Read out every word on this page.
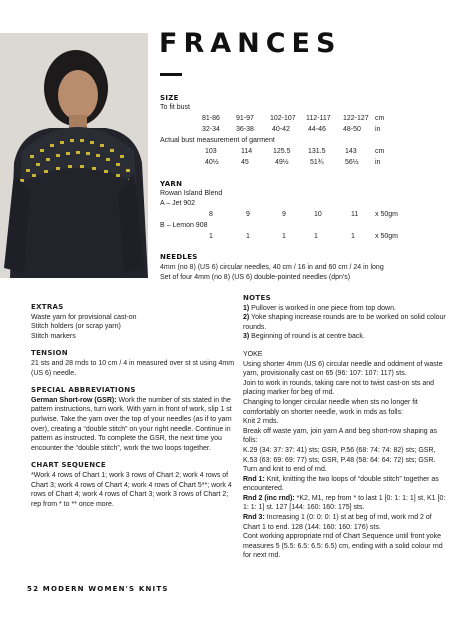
FRANCES

SIZE

To fit bust

81-86 91-97 102-107 112-117 122-127 cm
32-34 36-38	40-42	44-46 48-50 in

Actual bust measurement of garment

103	114	125.5 131.5	143	cm
40½	45	49½	51¾	56½ in

YARN

Rowan Island Blend

A – Jet 902

8	9	9	10	11 x 50gm

B – Lemon 908

1	1	1	1	1	x 50gm

NEEDLES

4mm (no 8) (US 6) circular needles, 40 cm / 16 in and 60 cm / 24 in long

Set of four 4mm (no 8) (US 6) double-pointed needles (dpn's)

EXTRAS

Waste yarn for provisional cast-on

Stitch holders (or scrap yarn)

Stitch markers

TENSION

21 sts and 28 rnds to 10 cm / 4 in measured over st st using 4mm (US 6) needle.

SPECIAL ABBREVIATIONS

German Short-row (GSR): Work the number of sts stated in the pattern instructions, turn work. With yarn in front of work, slip 1 st purlwise. Take the yarn over the top of your needles (as if to yarn over), creating a “double stitch” on your right needle. Continue in pattern as instructed. To complete the GSR, the next time you encounter the “double stitch”, work the two loops together.

CHART SEQUENCE

*Work 4 rows of Chart 1; work 3 rows of Chart 2; work 4 rows of Chart 3; work 4 rows of Chart 4; work 4 rows of Chart 5**; work 4 rows of Chart 4; work 4 rows of Chart 3; work 3 rows of Chart 2; rep from * to ** once more.

NOTES

1) Pullover is worked in one piece from top down.

2) Yoke shaping increase rounds are to be worked on solid colour rounds.

3) Beginning of round is at centre back.

YOKE

Using shorter 4mm (US 6) circular needle and oddment of waste yarn, provisionally cast on 65 (96: 107: 107: 117) sts.

Join to work in rounds, taking care not to twist cast-on sts and placing marker for beg of rnd.

Changing to longer circular needle when sts no longer fit comfortably on shorter needle, work in rnds as folls:

Knit 2 rnds.

Break off waste yarn, join yarn A and beg short-row shaping as folls:

K.29 (34: 37: 37: 41) sts; GSR, P.56 (68: 74: 74: 82) sts; GSR, K.53 (63: 69: 69: 77) sts; GSR, P.48 (58: 64: 64: 72) sts; GSR. Turn and knit to end of rnd.

Rnd 1: Knit, knitting the two loops of “double stitch” together as encountered.

Rnd 2 (inc rnd): *K2, M1, rep from * to last 1 [0: 1: 1: 1] st, K1 [0: 1: 1: 1] st. 127 [144: 160: 160: 175] sts.

Rnd 3: Increasing 1 (0: 0: 0: 1) st at beg of rnd, work rnd 2 of Chart 1 to end. 128 (144: 160: 160: 176) sts.

Cont working appropriate rnd of Chart Sequence until front yoke measures 5 (5.5: 6.5: 6.5: 6.5) cm, ending with a solid colour rnd for next rnd.

52 MODERN WOMEN'S KNITS
